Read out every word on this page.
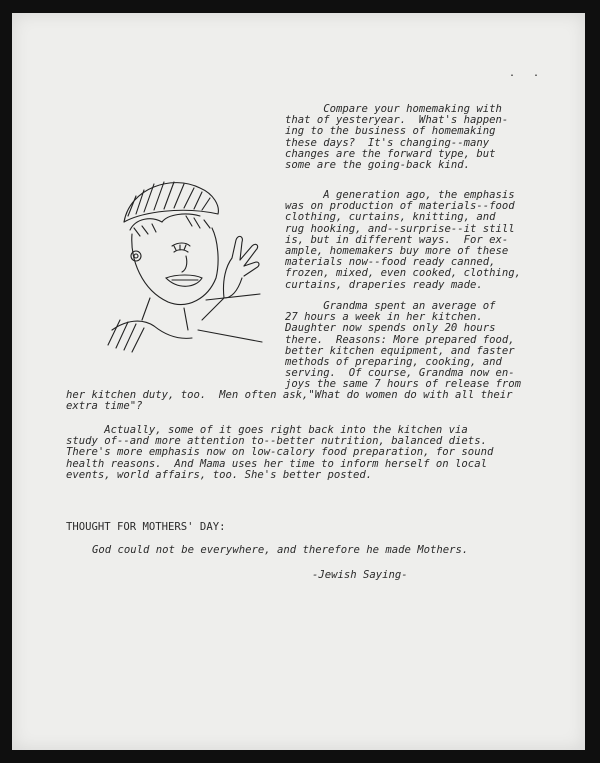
. .
Compare your homemaking with
that of yesteryear.  What's happen-
ing to the business of homemaking
these days?  It's changing--many
changes are the forward type, but
some are the going-back kind.
A generation ago, the emphasis
was on production of materials--food
clothing, curtains, knitting, and
rug hooking, and--surprise--it still
is, but in different ways.  For ex-
ample, homemakers buy more of these
materials now--food ready canned,
frozen, mixed, even cooked, clothing,
curtains, draperies ready made.
Grandma spent an average of
27 hours a week in her kitchen.
Daughter now spends only 20 hours
there.  Reasons: More prepared food,
better kitchen equipment, and faster
methods of preparing, cooking, and
serving.  Of course, Grandma now en-
joys the same 7 hours of release from
her kitchen duty, too.  Men often ask,"What do women do with all their
extra time"?
Actually, some of it goes right back into the kitchen via
study of--and more attention to--better nutrition, balanced diets.
There's more emphasis now on low-calory food preparation, for sound
health reasons.  And Mama uses her time to inform herself on local
events, world affairs, too. She's better posted.
THOUGHT FOR MOTHERS' DAY:
God could not be everywhere, and therefore he made Mothers.
-Jewish Saying-
